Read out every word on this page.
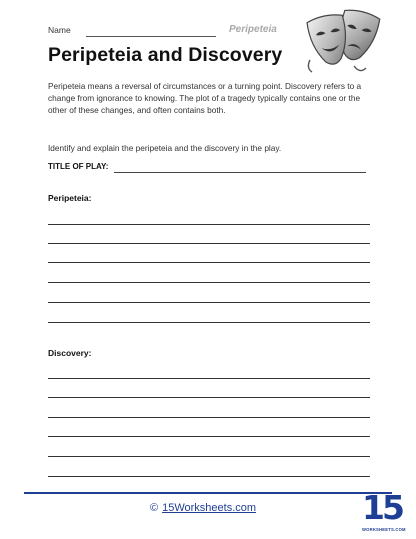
Name	Peripeteia
Peripeteia and Discovery

Peripeteia means a reversal of circumstances or a turning point. Discovery refers to a change from ignorance to knowing. The plot of a tragedy typically contains one or the other of these changes, and often contains both.

Identify and explain the peripeteia and the discovery in the play.

TITLE OF PLAY:
Peripeteia:
Discovery:
© 15Worksheets.com	15
WORKSHEETS.COM
